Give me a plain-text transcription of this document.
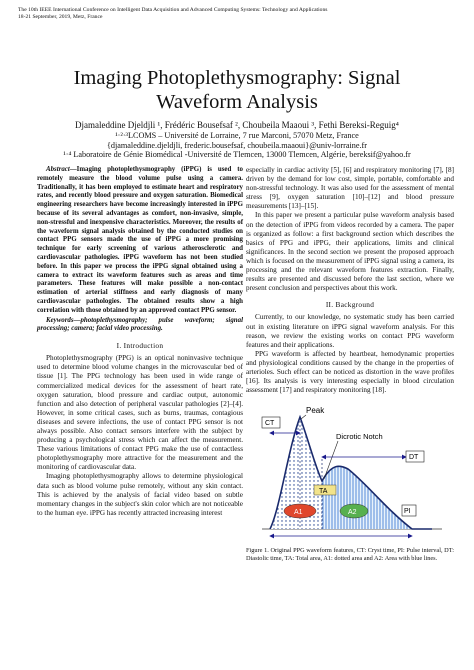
The 10th IEEE International Conference on Intelligent Data Acquisition and Advanced Computing Systems: Technology and Applications
18-21 September, 2019, Metz, France
Imaging Photoplethysmography: Signal
Waveform Analysis
Djamaleddine Djeldjli ¹, Frédéric Bousefsaf ², Choubeila Maaoui ³, Fethi Bereksi-Reguig⁴
¹·²·³LCOMS – Université de Lorraine, 7 rue Marconi, 57070 Metz, France
{djamaleddine.djeldjli, frederic.bousefsaf, choubeila.maaoui}@univ-lorraine.fr
¹·⁴ Laboratoire de Génie Biomédical -Université de Tlemcen, 13000 Tlemcen, Algérie, bereksif@yahoo.fr

Abstract—Imaging photoplethysmography (iPPG) is used to remotely measure the blood volume pulse using a camera. Traditionally, it has been employed to estimate heart and respiratory rates, and recently blood pressure and oxygen saturation. Biomedical engineering researchers have become increasingly interested in iPPG because of its several advantages as comfort, non-invasive, simple, non-stressful and inexpensive characteristics. Moreover, the results of the waveform signal analysis obtained by the conducted studies on contact PPG sensors made the use of iPPG a more promising technique for early screening of various atherosclerotic and cardiovascular pathologies. iPPG waveform has not been studied before. In this paper we process the iPPG signal obtained using a camera to extract its waveform features such as areas and time parameters. These features will make possible a non-contact estimation of arterial stiffness and early diagnosis of many cardiovascular pathologies. The obtained results show a high correlation with those obtained by an approved contact PPG sensor.

Keywords—photoplethysmography; pulse waveform; signal processing; camera; facial video processing.

I. Introduction

Photoplethysmography (PPG) is an optical noninvasive technique used to determine blood volume changes in the microvascular bed of tissue [1]. The PPG technology has been used in wide range of commercialized medical devices for the assessment of heart rate, oxygen saturation, blood pressure and cardiac output, autonomic function and also detection of peripheral vascular pathologies [2]–[4]. However, in some critical cases, such as burns, traumas, contagious diseases and severe infections, the use of contact PPG sensor is not always possible. Also contact sensors interfere with the subject by producing a psychological stress which can affect the measurement. These various limitations of contact PPG make the use of contactless photoplethysmography more attractive for the measurement and the monitoring of cardiovascular data.

Imaging photoplethysmography allows to determine physiological data such as blood volume pulse remotely, without any skin contact. This is achieved by the analysis of facial video based on subtle momentary changes in the subject's skin color which are not noticeable to the human eye. iPPG has recently attracted increasing interest

especially in cardiac activity [5], [6] and respiratory monitoring [7], [8] driven by the demand for low cost, simple, portable, comfortable and non-stressful technology. It was also used for the assessment of mental stress [9], oxygen saturation [10]–[12] and blood pressure measurements [13]–[15].

In this paper we present a particular pulse waveform analysis based on the detection of iPPG from videos recorded by a camera. The paper is organized as follow: a first background section which describes the basics of PPG and iPPG, their applications, limits and clinical significances. In the second section we present the proposed approach which is focused on the measurement of iPPG signal using a camera, its processing and the relevant waveform features extraction. Finally, results are presented and discussed before the last section, where we present conclusion and perspectives about this work.

II. Background

Currently, to our knowledge, no systematic study has been carried out in existing literature on iPPG signal waveform analysis. For this reason, we review the existing works on contact PPG waveform features and their applications.

PPG waveform is affected by heartbeat, hemodynamic properties and physiological conditions caused by the change in the properties of arterioles. Such effect can be noticed as distortion in the wave profiles [16]. Its analysis is very interesting especially in blood circulation assessment [17] and respiratory monitoring [18].

CT
Peak
Dicrotic Notch
DT
TA
A1	A2	PI

Figure 1. Original PPG waveform features, CT: Cryst time, PI: Pulse interval, DT: Diastolic time, TA: Total area, A1: dotted area and A2: Area with blue lines.
